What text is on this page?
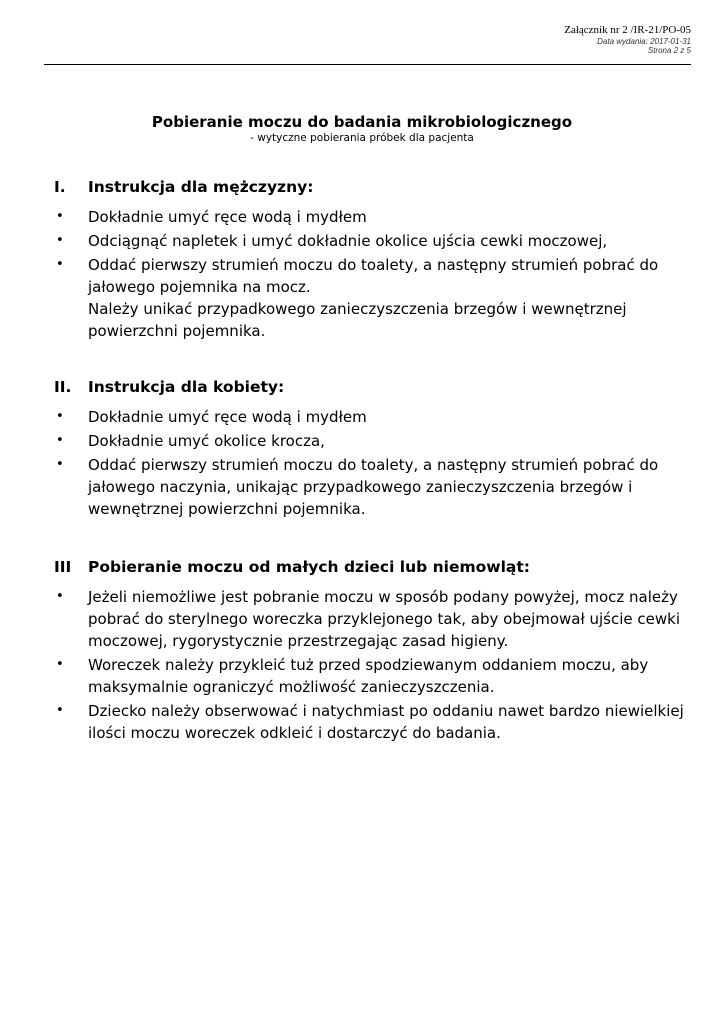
Załącznik nr 2 /IR-21/PO-05
Data wydania: 2017-01-31
Strona 2 z 5
Pobieranie moczu do badania mikrobiologicznego
- wytyczne pobierania próbek dla pacjenta
I. Instrukcja dla mężczyzny:
• Dokładnie umyć ręce wodą i mydłem
• Odciągnąć napletek i umyć dokładnie okolice ujścia cewki moczowej,
• Oddać pierwszy strumień moczu do toalety, a następny strumień pobrać do
jałowego pojemnika na mocz.
Należy unikać przypadkowego zanieczyszczenia brzegów i wewnętrznej
powierzchni pojemnika.
II. Instrukcja dla kobiety:
• Dokładnie umyć ręce wodą i mydłem
• Dokładnie umyć okolice krocza,
• Oddać pierwszy strumień moczu do toalety, a następny strumień pobrać do
jałowego naczynia, unikając przypadkowego zanieczyszczenia brzegów i
wewnętrznej powierzchni pojemnika.
III Pobieranie moczu od małych dzieci lub niemowląt:
• Jeżeli niemożliwe jest pobranie moczu w sposób podany powyżej, mocz należy
pobrać do sterylnego woreczka przyklejonego tak, aby obejmował ujście cewki
moczowej, rygorystycznie przestrzegając zasad higieny.
• Woreczek należy przykleić tuż przed spodziewanym oddaniem moczu, aby
maksymalnie ograniczyć możliwość zanieczyszczenia.
• Dziecko należy obserwować i natychmiast po oddaniu nawet bardzo niewielkiej
ilości moczu woreczek odkleić i dostarczyć do badania.
